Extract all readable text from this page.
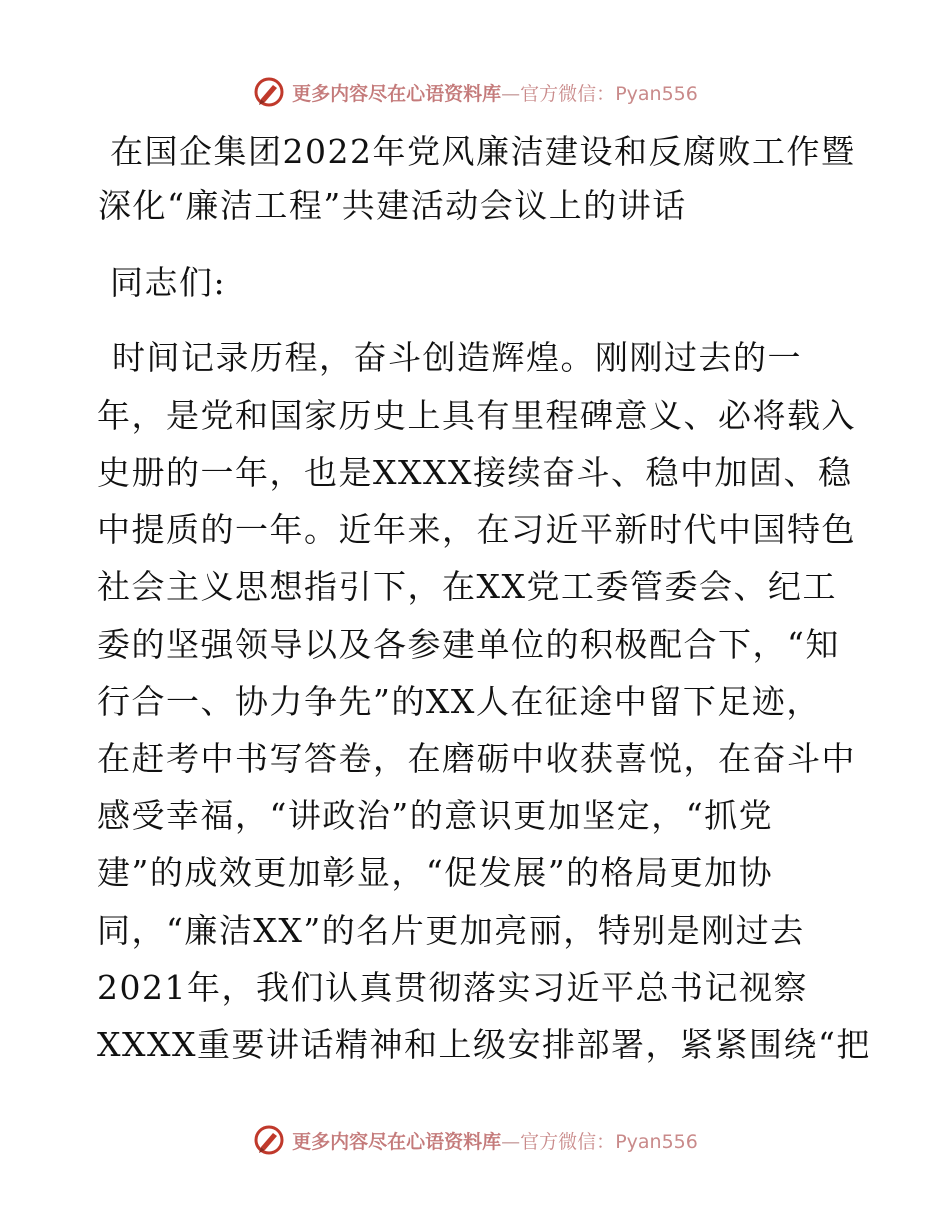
更多内容尽在心语资料库—官方微信：Pyan556
在国企集团2022年党风廉洁建设和反腐败工作暨
深化“廉洁工程”共建活动会议上的讲话
同志们:
时间记录历程，奋斗创造辉煌。刚刚过去的一
年，是党和国家历史上具有里程碑意义、必将载入
史册的一年，也是XXXX接续奋斗、稳中加固、稳
中提质的一年。近年来，在习近平新时代中国特色
社会主义思想指引下，在XX党工委管委会、纪工
委的坚强领导以及各参建单位的积极配合下，“知
行合一、协力争先”的XX人在征途中留下足迹，
在赶考中书写答卷，在磨砺中收获喜悦，在奋斗中
感受幸福，“讲政治”的意识更加坚定，“抓党
建”的成效更加彰显，“促发展”的格局更加协
同，“廉洁XX”的名片更加亮丽，特别是刚过去
2021年，我们认真贯彻落实习近平总书记视察
XXXX重要讲话精神和上级安排部署，紧紧围绕“把
更多内容尽在心语资料库—官方微信：Pyan556
